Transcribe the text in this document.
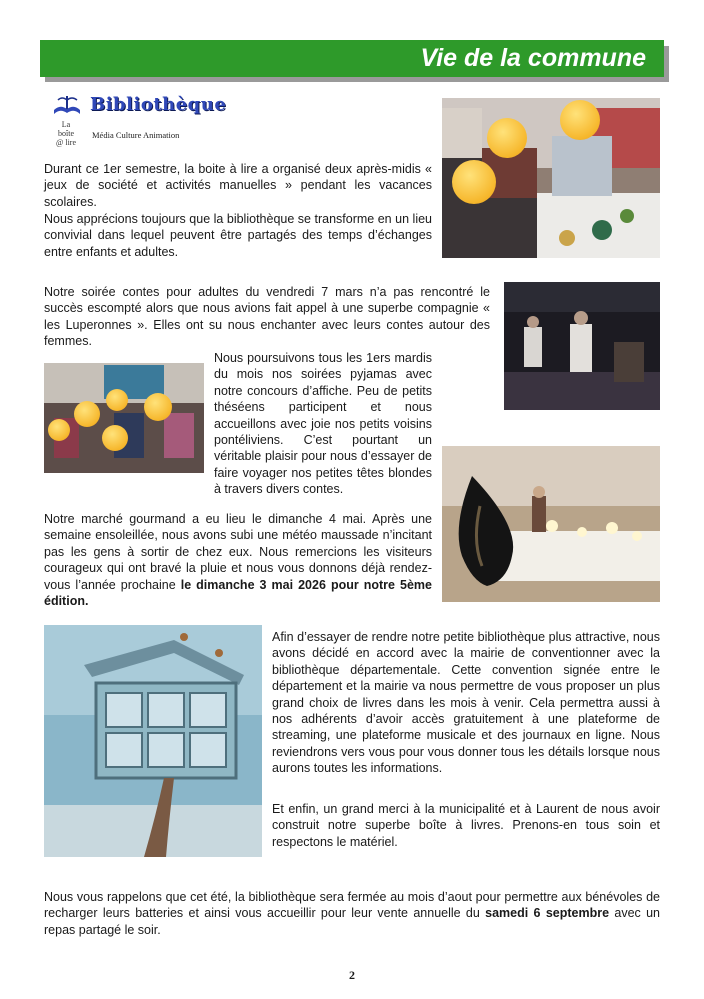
Vie de la commune
Bibliothèque
La
boîte
@ lire
Média Culture Animation

Durant ce 1er semestre, la boite à lire a organisé deux après-midis « jeux de société et activités manuelles » pendant les vacances scolaires.

Nous apprécions toujours que la bibliothèque se transforme en un lieu convivial dans lequel peuvent être partagés des temps d’échanges entre enfants et adultes.

Notre soirée contes pour adultes du vendredi 7 mars n’a pas rencontré le succès escompté alors que nous avions fait appel à une superbe compagnie « les Luperonnes ». Elles ont su nous enchanter avec leurs contes autour des femmes.

Nous poursuivons tous les 1ers mardis du mois nos soirées pyjamas avec notre concours d’affiche. Peu de petits théséens participent et nous accueillons avec joie nos petits voisins pontéliviens. C’est pourtant un véritable plaisir pour nous d’essayer de faire voyager nos petites têtes blondes à travers divers contes.

Notre marché gourmand a eu lieu le dimanche 4 mai. Après une semaine ensoleillée, nous avons subi une météo maussade n’incitant pas les gens à sortir de chez eux. Nous remercions les visiteurs courageux qui ont bravé la pluie et nous vous donnons déjà rendez-vous l’année prochaine le dimanche 3 mai 2026 pour notre 5ème édition.

Afin d’essayer de rendre notre petite bibliothèque plus attractive, nous avons décidé en accord avec la mairie de conventionner avec la bibliothèque départementale. Cette convention signée entre le département et la mairie va nous permettre de vous proposer un plus grand choix de livres dans les mois à venir. Cela permettra aussi à nos adhérents d’avoir accès gratuitement à une plateforme de streaming, une plateforme musicale et des journaux en ligne. Nous reviendrons vers vous pour vous donner tous les détails lorsque nous aurons toutes les informations.

Et enfin, un grand merci à la municipalité et à Laurent de nous avoir construit notre superbe boîte à livres. Prenons-en tous soin et respectons le matériel.

Nous vous rappelons que cet été, la bibliothèque sera fermée au mois d’aout pour permettre aux bénévoles de recharger leurs batteries et ainsi vous accueillir pour leur vente annuelle du samedi 6 septembre avec un repas partagé le soir.

2
